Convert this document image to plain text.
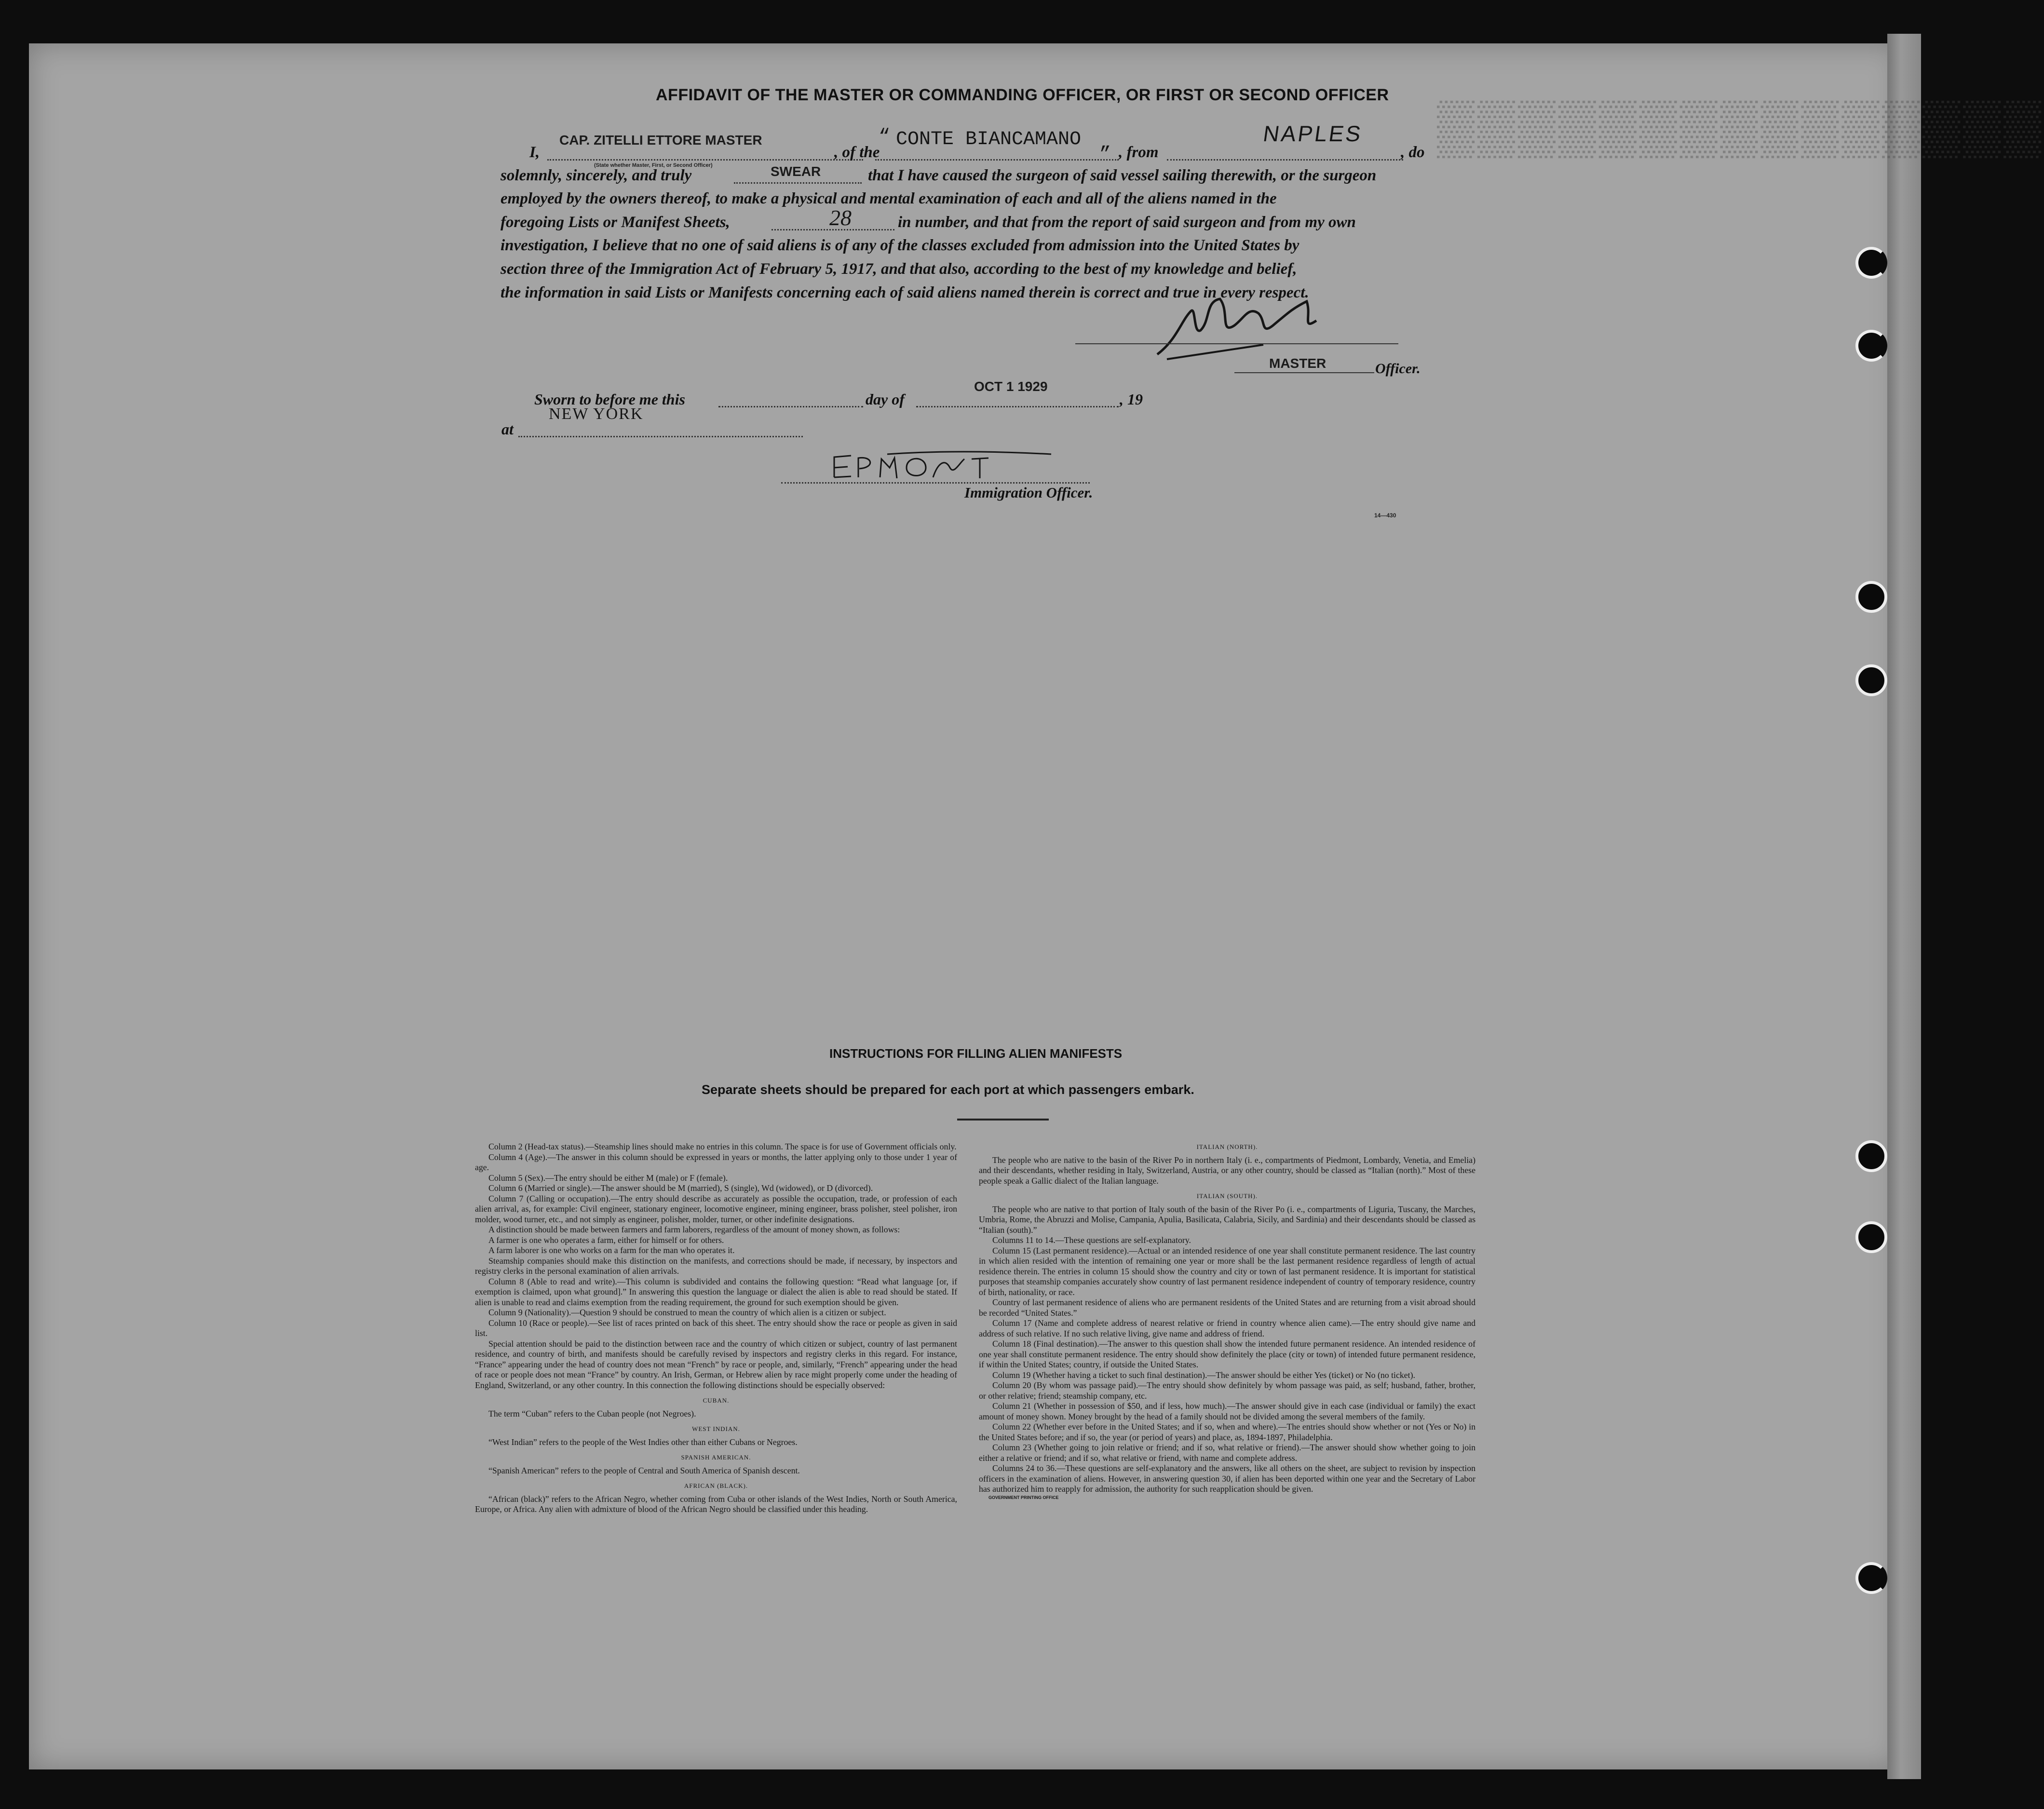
▒▒▒▒▒▒▒▒▒▒▒▒▒▒▒
AFFIDAVIT OF THE MASTER OR COMMANDING OFFICER, OR FIRST OR SECOND OFFICER
I,
CAP. ZITELLI ETTORE MASTER
(State whether Master, First, or Second Officer)
, of the
“ CONTE BIANCAMANO „ , from
NAPLES
, do
solemnly, sincerely, and truly	SWEAR	that I have caused the surgeon of said vessel sailing therewith, or the surgeon
employed by the owners thereof, to make a physical and mental examination of each and all of the aliens named in the
foregoing Lists or Manifest Sheets,	28	in number, and that from the report of said surgeon and from my own
investigation, I believe that no one of said aliens is of any of the classes excluded from admission into the United States by
section three of the Immigration Act of February 5, 1917, and that also, according to the best of my knowledge and belief,
the information in said Lists or Manifests concerning each of said aliens named therein is correct and true in every respect.
MASTER	Officer.
Sworn to before me this	day of
OCT 1 1929
, 19
at
NEW YORK
Immigration Officer.
14—430
INSTRUCTIONS FOR FILLING ALIEN MANIFESTS
Separate sheets should be prepared for each port at which passengers embark.

Column 2 (Head-tax status).—Steamship lines should make no entries in this column. The space is for use of Government officials only.

Column 4 (Age).—The answer in this column should be expressed in years or months, the latter applying only to those under 1 year of age.

Column 5 (Sex).—The entry should be either M (male) or F (female).

Column 6 (Married or single).—The answer should be M (married), S (single), Wd (widowed), or D (divorced).

Column 7 (Calling or occupation).—The entry should describe as accurately as possible the occupation, trade, or profession of each alien arrival, as, for example: Civil engineer, stationary engineer, locomotive engineer, mining engineer, brass polisher, steel polisher, iron molder, wood turner, etc., and not simply as engineer, polisher, molder, turner, or other indefinite designations.

A distinction should be made between farmers and farm laborers, regardless of the amount of money shown, as follows:

A farmer is one who operates a farm, either for himself or for others.

A farm laborer is one who works on a farm for the man who operates it.

Steamship companies should make this distinction on the manifests, and corrections should be made, if necessary, by inspectors and registry clerks in the personal examination of alien arrivals.

Column 8 (Able to read and write).—This column is subdivided and contains the following question: “Read what language [or, if exemption is claimed, upon what ground].” In answering this question the language or dialect the alien is able to read should be stated. If alien is unable to read and claims exemption from the reading requirement, the ground for such exemption should be given.

Column 9 (Nationality).—Question 9 should be construed to mean the country of which alien is a citizen or subject.

Column 10 (Race or people).—See list of races printed on back of this sheet. The entry should show the race or people as given in said list.

Special attention should be paid to the distinction between race and the country of which citizen or subject, country of last permanent residence, and country of birth, and manifests should be carefully revised by inspectors and registry clerks in this regard. For instance, “France” appearing under the head of country does not mean “French” by race or people, and, similarly, “French” appearing under the head of race or people does not mean “France” by country. An Irish, German, or Hebrew alien by race might properly come under the heading of England, Switzerland, or any other country. In this connection the following distinctions should be especially observed:

CUBAN.

The term “Cuban” refers to the Cuban people (not Negroes).

WEST INDIAN.

“West Indian” refers to the people of the West Indies other than either Cubans or Negroes.

SPANISH AMERICAN.

“Spanish American” refers to the people of Central and South America of Spanish descent.

AFRICAN (BLACK).

“African (black)” refers to the African Negro, whether coming from Cuba or other islands of the West Indies, North or South America, Europe, or Africa. Any alien with admixture of blood of the African Negro should be classified under this heading.

ITALIAN (NORTH).

The people who are native to the basin of the River Po in northern Italy (i. e., compartments of Piedmont, Lombardy, Venetia, and Emelia) and their descendants, whether residing in Italy, Switzerland, Austria, or any other country, should be classed as “Italian (north).” Most of these people speak a Gallic dialect of the Italian language.

ITALIAN (SOUTH).

The people who are native to that portion of Italy south of the basin of the River Po (i. e., compartments of Liguria, Tuscany, the Marches, Umbria, Rome, the Abruzzi and Molise, Campania, Apulia, Basilicata, Calabria, Sicily, and Sardinia) and their descendants should be classed as “Italian (south).”

Columns 11 to 14.—These questions are self-explanatory.

Column 15 (Last permanent residence).—Actual or an intended residence of one year shall constitute permanent residence. The last country in which alien resided with the intention of remaining one year or more shall be the last permanent residence regardless of length of actual residence therein. The entries in column 15 should show the country and city or town of last permanent residence. It is important for statistical purposes that steamship companies accurately show country of last permanent residence independent of country of temporary residence, country of birth, nationality, or race.

Country of last permanent residence of aliens who are permanent residents of the United States and are returning from a visit abroad should be recorded “United States.”

Column 17 (Name and complete address of nearest relative or friend in country whence alien came).—The entry should give name and address of such relative. If no such relative living, give name and address of friend.

Column 18 (Final destination).—The answer to this question shall show the intended future permanent residence. An intended residence of one year shall constitute permanent residence. The entry should show definitely the place (city or town) of intended future permanent residence, if within the United States; country, if outside the United States.

Column 19 (Whether having a ticket to such final destination).—The answer should be either Yes (ticket) or No (no ticket).

Column 20 (By whom was passage paid).—The entry should show definitely by whom passage was paid, as self; husband, father, brother, or other relative; friend; steamship company, etc.

Column 21 (Whether in possession of $50, and if less, how much).—The answer should give in each case (individual or family) the exact amount of money shown. Money brought by the head of a family should not be divided among the several members of the family.

Column 22 (Whether ever before in the United States; and if so, when and where).—The entries should show whether or not (Yes or No) in the United States before; and if so, the year (or period of years) and place, as, 1894-1897, Philadelphia.

Column 23 (Whether going to join relative or friend; and if so, what relative or friend).—The answer should show whether going to join either a relative or friend; and if so, what relative or friend, with name and complete address.

Columns 24 to 36.—These questions are self-explanatory and the answers, like all others on the sheet, are subject to revision by inspection officers in the examination of aliens. However, in answering question 30, if alien has been deported within one year and the Secretary of Labor has authorized him to reapply for admission, the authority for such reapplication should be given.

GOVERNMENT PRINTING OFFICE
